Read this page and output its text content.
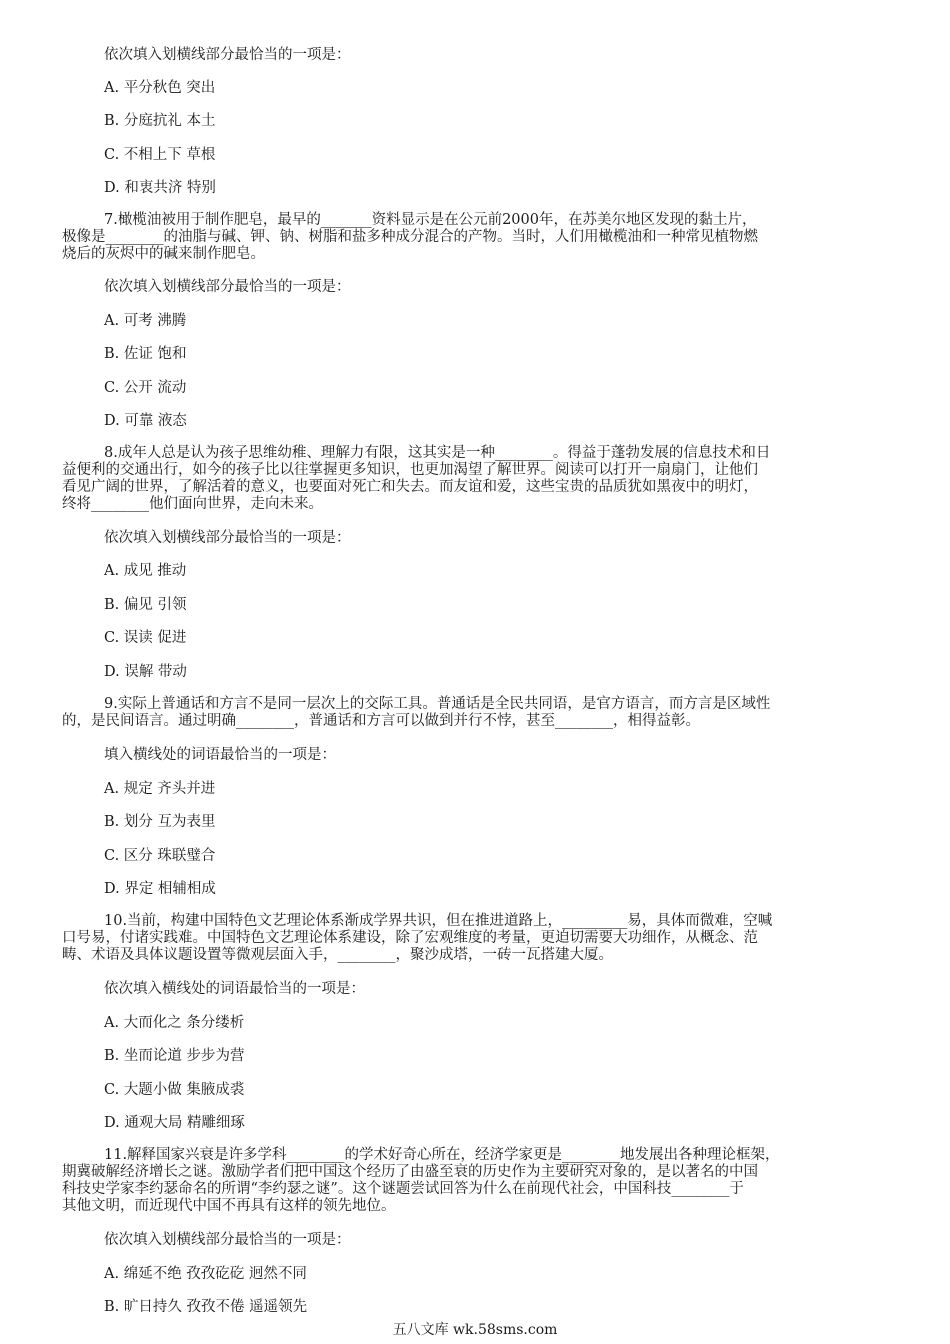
依次填入划横线部分最恰当的一项是：
A. 平分秋色 突出
B. 分庭抗礼 本土
C. 不相上下 草根
D. 和衷共济 特别
7.橄榄油被用于制作肥皂，最早的_______资料显示是在公元前2000年，在苏美尔地区发现的黏土片，
极像是________的油脂与碱、钾、钠、树脂和盐多种成分混合的产物。当时，人们用橄榄油和一种常见植物燃
烧后的灰烬中的碱来制作肥皂。
依次填入划横线部分最恰当的一项是：
A. 可考 沸腾
B. 佐证 饱和
C. 公开 流动
D. 可靠 液态
8.成年人总是认为孩子思维幼稚、理解力有限，这其实是一种________。得益于蓬勃发展的信息技术和日
益便利的交通出行，如今的孩子比以往掌握更多知识，也更加渴望了解世界。阅读可以打开一扇扇门，让他们
看见广阔的世界，了解活着的意义，也要面对死亡和失去。而友谊和爱，这些宝贵的品质犹如黑夜中的明灯，
终将________他们面向世界，走向未来。
依次填入划横线部分最恰当的一项是：
A. 成见 推动
B. 偏见 引领
C. 误读 促进
D. 误解 带动
9.实际上普通话和方言不是同一层次上的交际工具。普通话是全民共同语，是官方语言，而方言是区域性
的，是民间语言。通过明确________，普通话和方言可以做到并行不悖，甚至________，相得益彰。
填入横线处的词语最恰当的一项是：
A. 规定 齐头并进
B. 划分 互为表里
C. 区分 珠联璧合
D. 界定 相辅相成
10.当前，构建中国特色文艺理论体系渐成学界共识，但在推进道路上，_________易，具体而微难，空喊
口号易，付诸实践难。中国特色文艺理论体系建设，除了宏观维度的考量，更迫切需要大功细作，从概念、范
畴、术语及具体议题设置等微观层面入手，________，聚沙成塔，一砖一瓦搭建大厦。
依次填入横线处的词语最恰当的一项是：
A. 大而化之 条分缕析
B. 坐而论道 步步为营
C. 大题小做 集腋成裘
D. 通观大局 精雕细琢
11.解释国家兴衰是许多学科________的学术好奇心所在，经济学家更是________地发展出各种理论框架，
期冀破解经济增长之谜。激励学者们把中国这个经历了由盛至衰的历史作为主要研究对象的，是以著名的中国
科技史学家李约瑟命名的所谓“李约瑟之谜”。这个谜题尝试回答为什么在前现代社会，中国科技________于
其他文明，而近现代中国不再具有这样的领先地位。
依次填入划横线部分最恰当的一项是：
A. 绵延不绝 孜孜矻矻 迥然不同
B. 旷日持久 孜孜不倦 遥遥领先
五八文库 wk.58sms.com
